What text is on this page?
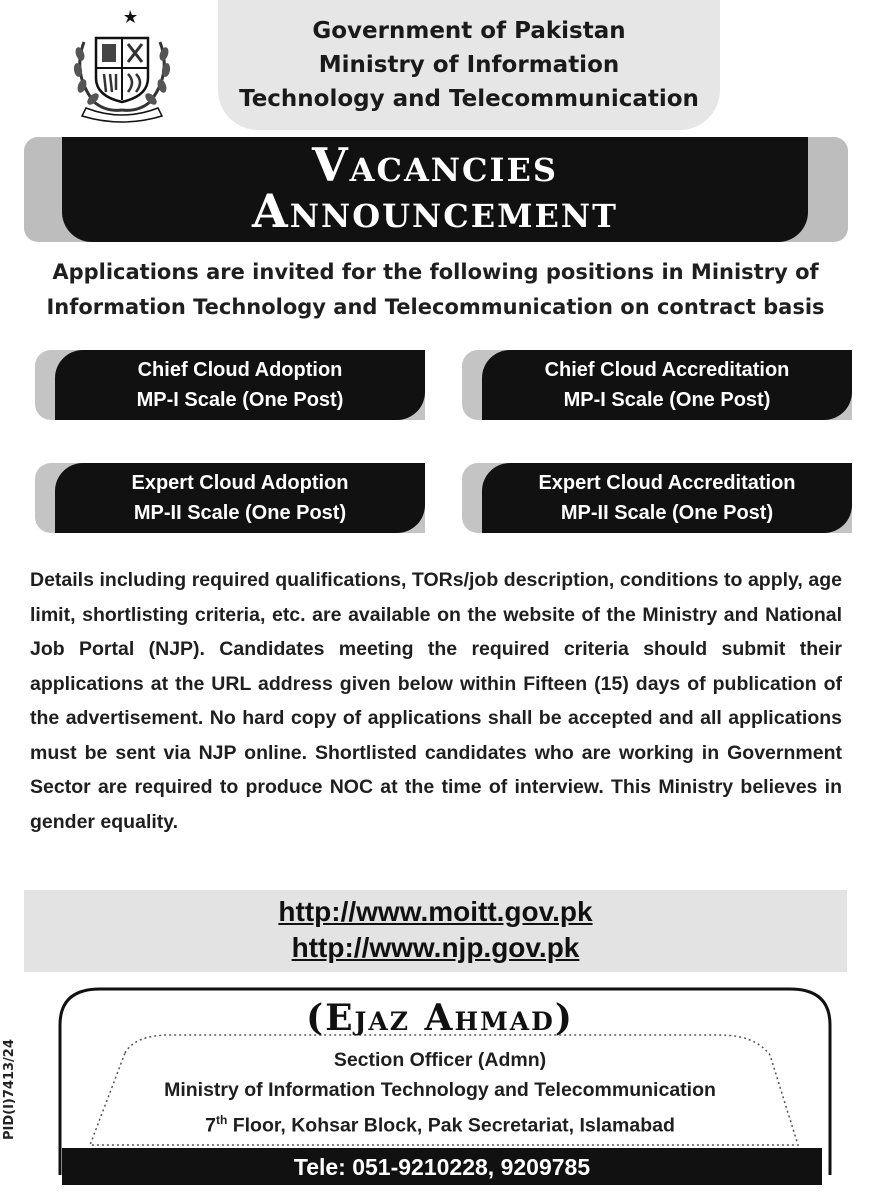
Government of Pakistan
Ministry of Information
Technology and Telecommunication
Vacancies
Announcement
Applications are invited for the following positions in Ministry of
Information Technology and Telecommunication on contract basis
Chief Cloud Adoption
MP-I Scale (One Post)
Chief Cloud Accreditation
MP-I Scale (One Post)
Expert Cloud Adoption
MP-II Scale (One Post)
Expert Cloud Accreditation
MP-II Scale (One Post)
Details including required qualifications, TORs/job description, conditions to apply, age limit, shortlisting criteria, etc. are available on the website of the Ministry and National Job Portal (NJP). Candidates meeting the required criteria should submit their applications at the URL address given below within Fifteen (15) days of publication of the advertisement. No hard copy of applications shall be accepted and all applications must be sent via NJP online. Shortlisted candidates who are working in Government Sector are required to produce NOC at the time of interview. This Ministry believes in gender equality.
http://www.moitt.gov.pk
http://www.njp.gov.pk
PID(I)7413/24
(Ejaz Ahmad)
Section Officer (Admn)
Ministry of Information Technology and Telecommunication
7th Floor, Kohsar Block, Pak Secretariat, Islamabad
Tele: 051-9210228, 9209785
